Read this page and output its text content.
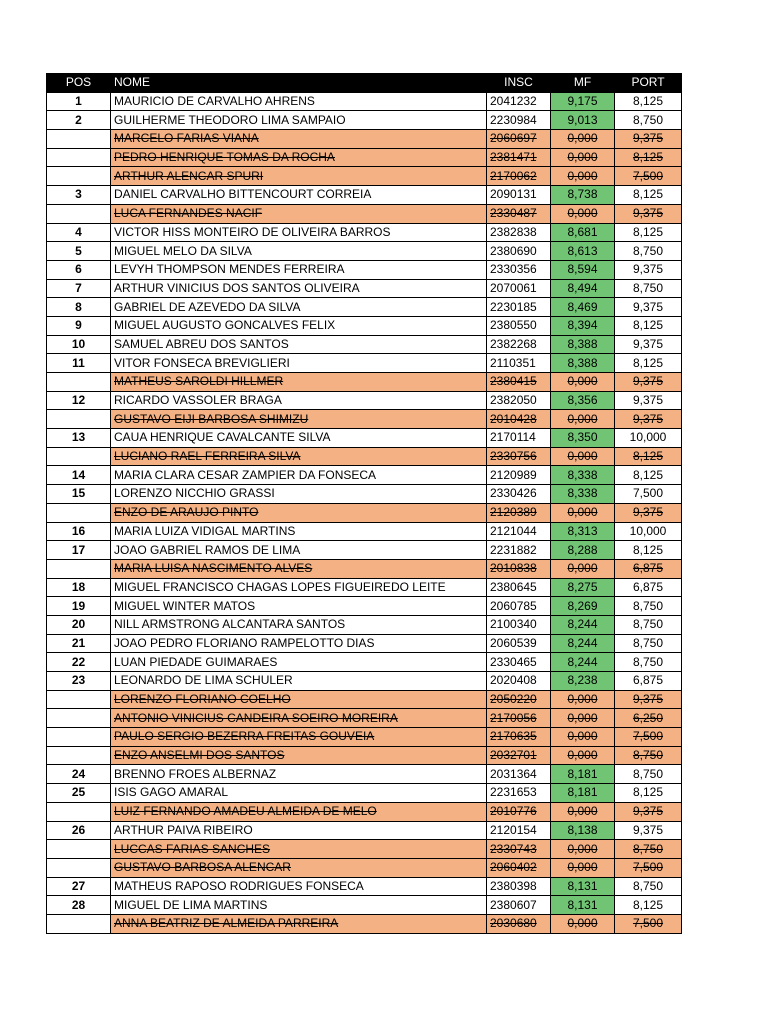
POS	NOME	INSC	MF	PORT
1	MAURICIO DE CARVALHO AHRENS	2041232	9,175	8,125
2	GUILHERME THEODORO LIMA SAMPAIO	2230984	9,013	8,750
	MARCELO FARIAS VIANA	2060697	0,000	9,375
	PEDRO HENRIQUE TOMAS DA ROCHA	2381471	0,000	8,125
	ARTHUR ALENCAR SPURI	2170062	0,000	7,500
3	DANIEL CARVALHO BITTENCOURT CORREIA	2090131	8,738	8,125
	LUCA FERNANDES NACIF	2330487	0,000	9,375
4	VICTOR HISS MONTEIRO DE OLIVEIRA BARROS	2382838	8,681	8,125
5	MIGUEL MELO DA SILVA	2380690	8,613	8,750
6	LEVYH THOMPSON MENDES FERREIRA	2330356	8,594	9,375
7	ARTHUR VINICIUS DOS SANTOS OLIVEIRA	2070061	8,494	8,750
8	GABRIEL DE AZEVEDO DA SILVA	2230185	8,469	9,375
9	MIGUEL AUGUSTO GONCALVES FELIX	2380550	8,394	8,125
10	SAMUEL ABREU DOS SANTOS	2382268	8,388	9,375
11	VITOR FONSECA BREVIGLIERI	2110351	8,388	8,125
	MATHEUS SAROLDI HILLMER	2380415	0,000	9,375
12	RICARDO VASSOLER BRAGA	2382050	8,356	9,375
	GUSTAVO EIJI BARBOSA SHIMIZU	2010428	0,000	9,375
13	CAUA HENRIQUE CAVALCANTE SILVA	2170114	8,350	10,000
	LUCIANO RAEL FERREIRA SILVA	2330756	0,000	8,125
14	MARIA CLARA CESAR ZAMPIER DA FONSECA	2120989	8,338	8,125
15	LORENZO NICCHIO GRASSI	2330426	8,338	7,500
	ENZO DE ARAUJO PINTO	2120389	0,000	9,375
16	MARIA LUIZA VIDIGAL MARTINS	2121044	8,313	10,000
17	JOAO GABRIEL RAMOS DE LIMA	2231882	8,288	8,125
	MARIA LUISA NASCIMENTO ALVES	2010838	0,000	6,875
18	MIGUEL FRANCISCO CHAGAS LOPES FIGUEIREDO LEITE	2380645	8,275	6,875
19	MIGUEL WINTER MATOS	2060785	8,269	8,750
20	NILL ARMSTRONG ALCANTARA SANTOS	2100340	8,244	8,750
21	JOAO PEDRO FLORIANO RAMPELOTTO DIAS	2060539	8,244	8,750
22	LUAN PIEDADE GUIMARAES	2330465	8,244	8,750
23	LEONARDO DE LIMA SCHULER	2020408	8,238	6,875
	LORENZO FLORIANO COELHO	2050220	0,000	9,375
	ANTONIO VINICIUS CANDEIRA SOEIRO MOREIRA	2170056	0,000	6,250
	PAULO SERGIO BEZERRA FREITAS GOUVEIA	2170635	0,000	7,500
	ENZO ANSELMI DOS SANTOS	2032701	0,000	8,750
24	BRENNO FROES ALBERNAZ	2031364	8,181	8,750
25	ISIS GAGO AMARAL	2231653	8,181	8,125
	LUIZ FERNANDO AMADEU ALMEIDA DE MELO	2010776	0,000	9,375
26	ARTHUR PAIVA RIBEIRO	2120154	8,138	9,375
	LUCCAS FARIAS SANCHES	2330743	0,000	8,750
	GUSTAVO BARBOSA ALENCAR	2060402	0,000	7,500
27	MATHEUS RAPOSO RODRIGUES FONSECA	2380398	8,131	8,750
28	MIGUEL DE LIMA MARTINS	2380607	8,131	8,125
	ANNA BEATRIZ DE ALMEIDA PARREIRA	2030680	0,000	7,500
